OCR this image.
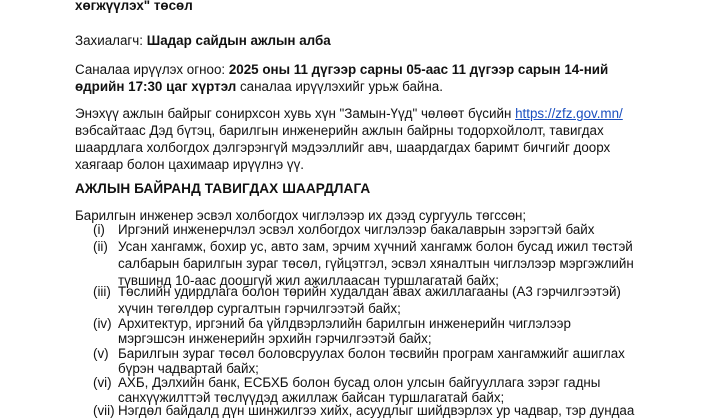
хөгжүүлэх" төсөл
Захиалагч: Шадар сайдын ажлын алба
Саналаа ирүүлэх огноо: 2025 оны 11 дүгээр сарны 05-аас 11 дүгээр сарын 14-ний
өдрийн 17:30 цаг хүртэл саналаа ирүүлэхийг урьж байна.
Энэхүү ажлын байрыг сонирхсон хувь хүн "Замын-Үүд" чөлөөт бүсийн https://zfz.gov.mn/
вэбсайтаас Дэд бүтэц, барилгын инженерийн ажлын байрны тодорхойлолт, тавигдах
шаардлага холбогдох дэлгэрэнгүй мэдээллийг авч, шаардагдах баримт бичгийг доорх
хаягаар болон цахимаар ирүүлнэ үү.
АЖЛЫН БАЙРАНД ТАВИГДАХ ШААРДЛАГА
Барилгын инженер эсвэл холбогдох чиглэлээр их дээд сургууль төгссөн;
(i) Иргэний инженерчлэл эсвэл холбогдох чиглэлээр бакалаврын зэрэгтэй байх
(ii) Усан хангамж, бохир ус, авто зам, эрчим хүчний хангамж болон бусад ижил төстэй
салбарын барилгын зураг төсөл, гүйцэтгэл, эсвэл хяналтын чиглэлээр мэргэжлийн
түвшинд 10-аас доошгүй жил ажиллаасан туршлагатай байх;
(iii) Төслийн удирдлага болон төрийн худалдан авах ажиллагааны (А3 гэрчилгээтэй)
хүчин төгөлдөр сургалтын гэрчилгээтэй байх;
(iv) Архитектур, иргэний ба үйлдвэрлэлийн барилгын инженерийн чиглэлээр
мэргэшсэн инженерийн эрхийн гэрчилгээтэй байх;
(v) Барилгын зураг төсөл боловсруулах болон төсвийн програм хангамжийг ашиглах
бүрэн чадвартай байх;
(vi) АХБ, Дэлхийн банк, ЕСБХБ болон бусад олон улсын байгууллага зэрэг гадны
санхүүжилттэй төслүүдэд ажиллаж байсан туршлагатай байх;
(vii) Нэгдөл байдалд дүн шинжилгээ хийх, асуудлыг шийдвэрлэх ур чадвар, тэр дундаа
